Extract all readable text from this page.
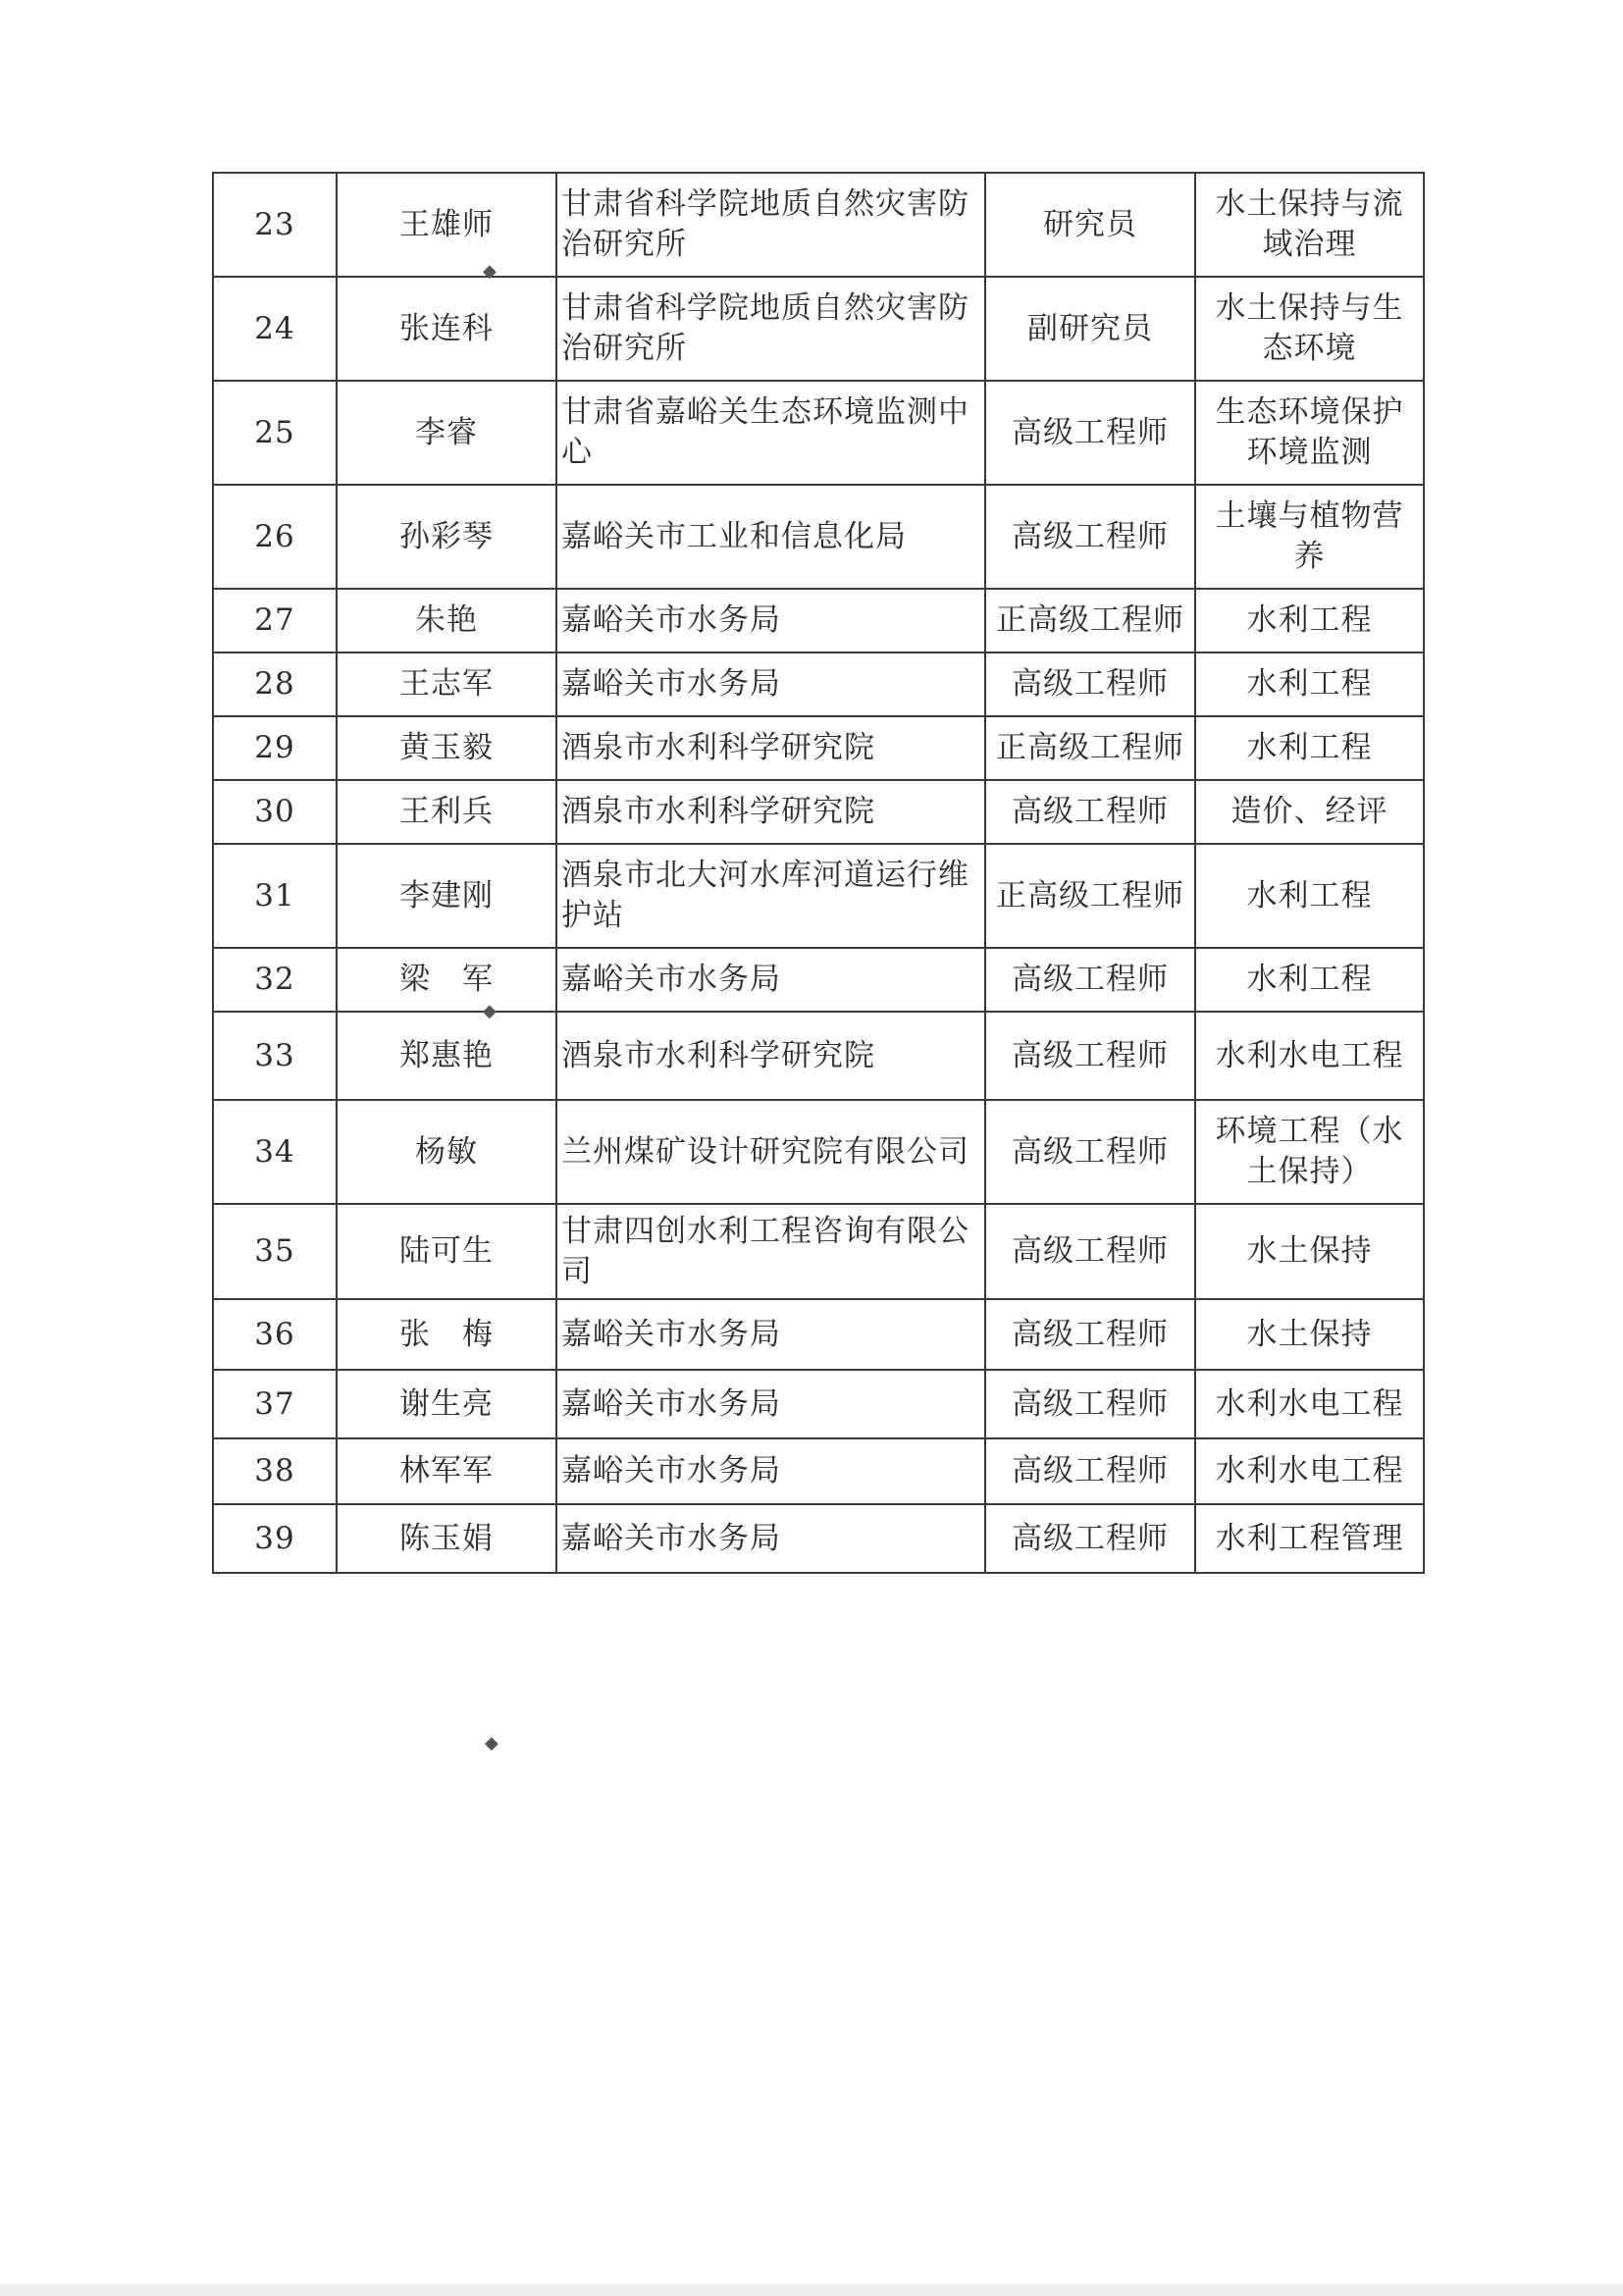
23	王雄师	甘肃省科学院地质自然灾害防治研究所	研究员	水土保持与流域治理
24	张连科	甘肃省科学院地质自然灾害防治研究所	副研究员	水土保持与生态环境
25	李睿	甘肃省嘉峪关生态环境监测中心	高级工程师	生态环境保护环境监测
26	孙彩琴	嘉峪关市工业和信息化局	高级工程师	土壤与植物营养
27	朱艳	嘉峪关市水务局	正高级工程师	水利工程
28	王志军	嘉峪关市水务局	高级工程师	水利工程
29	黄玉毅	酒泉市水利科学研究院	正高级工程师	水利工程
30	王利兵	酒泉市水利科学研究院	高级工程师	造价、经评
31	李建刚	酒泉市北大河水库河道运行维护站	正高级工程师	水利工程
32	梁　军	嘉峪关市水务局	高级工程师	水利工程
33	郑惠艳	酒泉市水利科学研究院	高级工程师	水利水电工程
34	杨敏	兰州煤矿设计研究院有限公司	高级工程师	环境工程（水土保持）
35	陆可生	甘肃四创水利工程咨询有限公司	高级工程师	水土保持
36	张　梅	嘉峪关市水务局	高级工程师	水土保持
37	谢生亮	嘉峪关市水务局	高级工程师	水利水电工程
38	林军军	嘉峪关市水务局	高级工程师	水利水电工程
39	陈玉娟	嘉峪关市水务局	高级工程师	水利工程管理
◆
◆
◆
